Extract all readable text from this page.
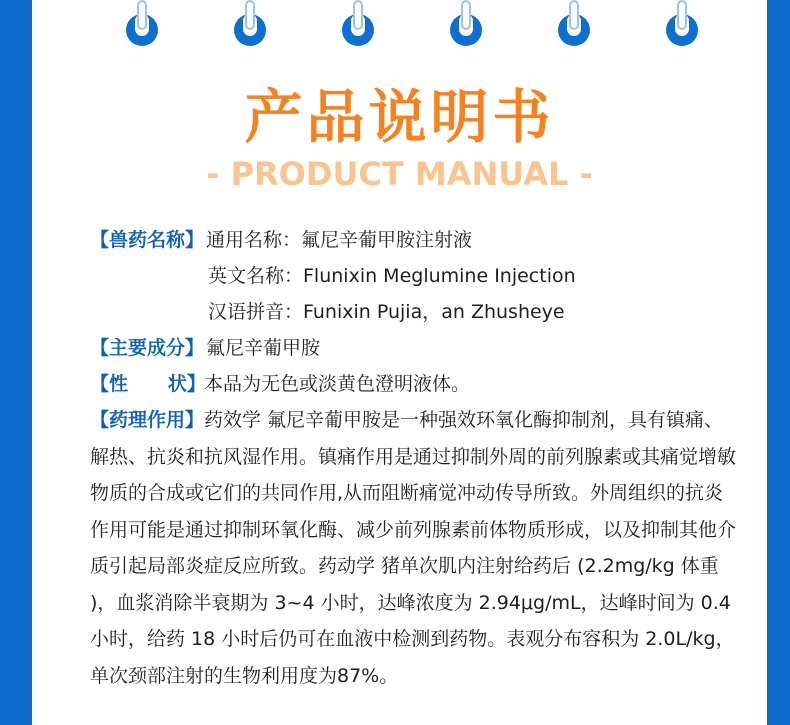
产品说明书
- PRODUCT MANUAL -
【兽药名称】 通用名称：氟尼辛葡甲胺注射液
英文名称：Flunixin Meglumine Injection
汉语拼音：Funixin Pujia，an Zhusheye
【主要成分】 氟尼辛葡甲胺
【性      状】
本品为无色或淡黄色澄明液体。
【药理作用】药效学 氟尼辛葡甲胺是一种强效环氧化酶抑制剂，具有镇痛、解热、抗炎和抗风湿作用。镇痛作用是通过抑制外周的前列腺素或其痛觉增敏物质的合成或它们的共同作用,从而阻断痛觉冲动传导所致。外周组织的抗炎作用可能是通过抑制环氧化酶、减少前列腺素前体物质形成，以及抑制其他介质引起局部炎症反应所致。药动学 猪单次肌内注射给药后 (2.2mg/kg 体重 )，血浆消除半衰期为 3~4 小时，达峰浓度为 2.94μg/mL，达峰时间为 0.4 小时，给药 18 小时后仍可在血液中检测到药物。表观分布容积为 2.0L/kg，单次颈部注射的生物利用度为87%。
